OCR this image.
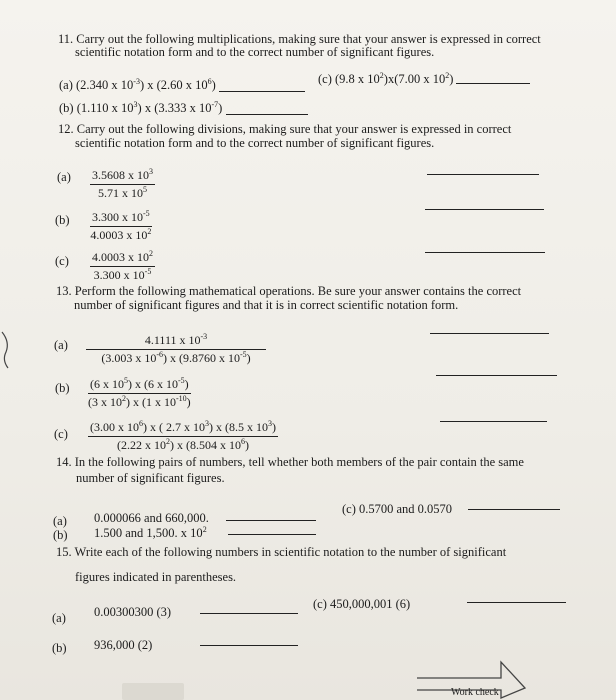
11. Carry out the following multiplications, making sure that your answer is expressed in correct
scientific notation form and to the correct number of significant figures.
(a) (2.340 x $10^{-3}$) x (2.60 x $10^6$)	(c) (9.8 x $10^2)x(7.00$ x $10^2$)
(b) (1.110 x $10^3$) x (3.333 x $10^{-7}$)
12. Carry out the following divisions, making sure that your answer is expressed in correct
scientific notation form and to the correct number of significant figures.
$(a) \frac{3.5608 x 10^3}{5.71 x 10^5}$
$(b) \frac{3.300 x 10^{-5}}{4.0003 x 10^2}$
$(c) \frac{4.0003 x 10^2}{3.300 x 10^{-5}}$
13. Perform the following mathematical operations. Be sure your answer contains the correct
number of significant figures and that it is in correct scientific notation form.
$(a) \frac{4.1111 x 10^{-3}}{(3.003 x 10^{-6}) x (9.8760 x 10^{-5})}$
$(b) \frac{(6 x 10^5) x (6 x 10^{-5})}{(3 x 10^2) x (1 x 10^{-10})}$
$(c) \frac{(3.00 x 10^6) x ( 2.7 x 10^3) x (8.5 x 10^3)}{(2.22 x 10^2) x (8.504 x 10^6)}$
14. In the following pairs of numbers, tell whether both members of the pair contain the same
number of significant figures.
(a) 0.000066 and 660,000.
(c) 0.5700 and 0.0570
(b) 1.500 and 1,500. x $10^2$
15. Write each of the following numbers in scientific notation to the number of significant
figures indicated in parentheses.
(a) 0.00300300 (3)
(c) 450,000,001 (6)
(b) 936,000 (2)
Work check
